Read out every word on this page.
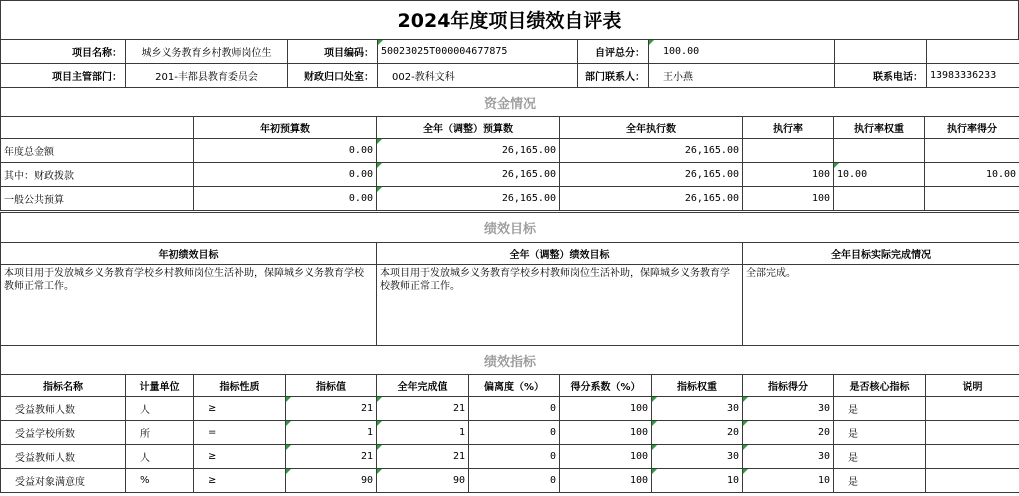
2024年度项目绩效自评表
项目名称：	城乡义务教育乡村教师岗位生	项目编码：	50023025T000004677875	自评总分：	100.00		
项目主管部门：	201-丰都县教育委员会	财政归口处室：	002-教科文科	部门联系人：	王小燕	联系电话：	13983336233
资金情况						
	年初预算数	全年（调整）预算数	全年执行数	执行率	执行率权重	执行率得分
年度总金额	0.00	26,165.00	26,165.00			
其中：财政拨款	0.00	26,165.00	26,165.00	100	10.00	10.00
一般公共预算	0.00	26,165.00	26,165.00	100		
绩效目标		
年初绩效目标	全年（调整）绩效目标	全年目标实际完成情况
本项目用于发放城乡义务教育学校乡村教师岗位生活补助，保障城乡义务教育学校教师正常工作。	本项目用于发放城乡义务教育学校乡村教师岗位生活补助，保障城乡义务教育学校教师正常工作。	全部完成。
绩效指标										
指标名称	计量单位	指标性质	指标值	全年完成值	偏离度（%）	得分系数（%）	指标权重	指标得分	是否核心指标	说明
受益教师人数	人	≥	21	21	0	100	30	30	是	
受益学校所数	所	=	1	1	0	100	20	20	是	
受益教师人数	人	≥	21	21	0	100	30	30	是	
受益对象满意度	%	≥	90	90	0	100	10	10	是	
